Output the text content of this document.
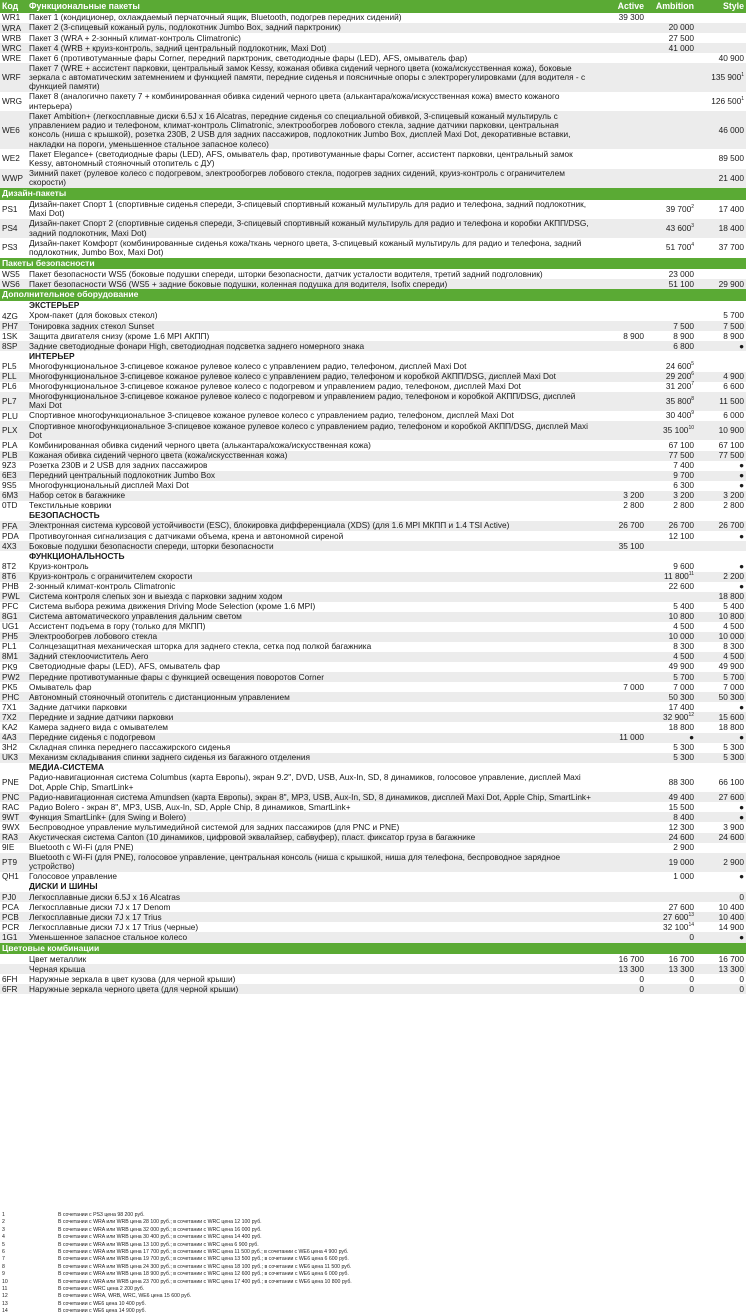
Код	Функциональные пакеты	Active	Ambition	Style
WR1	Пакет 1 (кондиционер, охлаждаемый перчаточный ящик, Bluetooth, подогрев передних сидений)	39 300		
WRA	Пакет 2 (3-спицевый кожаный руль, подлокотник Jumbo Box, задний парктроник)		20 000	
WRB	Пакет 3 (WRA + 2-зонный климат-контроль Climatronic)		27 500	
WRC	Пакет 4 (WRB + круиз-контроль, задний центральный подлокотник, Maxi Dot)		41 000	
WRE	Пакет 6 (противотуманные фары Corner, передний парктроник, светодиодные фары (LED), AFS, омыватель фар)			40 900
WRF	Пакет 7 (WRE + ассистент парковки, центральный замок Kessy, кожаная обивка сидений черного цвета (кожа/искусственная кожа), боковые зеркала с автоматическим затемнением и функцией памяти, передние сиденья и поясничные опоры с электрорегулировками (для водителя - с функцией памяти)			135 $900^1$
WRG	Пакет 8 (аналогично пакету 7 + комбинированная обивка сидений черного цвета (алькантара/кожа/искусственная кожа) вместо кожаного интерьера)			126 $500^1$
WE6	Пакет Ambition+ (легкосплавные диски 6.5J x 16 Alcatras, передние сиденья со специальной обивкой, 3-спицевый кожаный мультируль с управлением радио и телефоном, климат-контроль Climatronic, электрообогрев лобового стекла, задние датчики парковки, центральная консоль (ниша с крышкой), розетка 230В, 2 USB для задних пассажиров, подлокотник Jumbo Box, дисплей Maxi Dot, декоративные вставки, накладки на пороги, уменьшенное стальное запасное колесо)			46 000
WE2	Пакет Elegance+ (светодиодные фары (LED), AFS, омыватель фар, противотуманные фары Corner, ассистент парковки, центральный замок Kessy, автономный стояночный отопитель с ДУ)			89 500
WWP	Зимний пакет (рулевое колесо с подогревом, электрообогрев лобового стекла, подогрев задних сидений, круиз-контроль с ограничителем скорости)			21 400
Дизайн-пакеты				
PS1	Дизайн-пакет Спорт 1 (спортивные сиденья спереди, 3-спицевый спортивный кожаный мультируль для радио и телефона, задний подлокотник, Maxi Dot)		39 $700^2$	17 400
PS4	Дизайн-пакет Спорт 2 (спортивные сиденья спереди, 3-спицевый спортивный кожаный мультируль для радио и телефона и коробки АКПП/DSG, задний подлокотник, Maxi Dot)		43 $600^3$	18 400
PS3	Дизайн-пакет Комфорт (комбинированные сиденья кожа/ткань черного цвета, 3-спицевый кожаный мультируль для радио и телефона, задний подлокотник, Jumbo Box, Maxi Dot)		51 $700^4$	37 700
Пакеты безопасности				
WS5	Пакет безопасности WS5 (боковые подушки спереди, шторки безопасности, датчик усталости водителя, третий задний подголовник)		23 000	
WS6	Пакет безопасности WS6 (WS5 + задние боковые подушки, коленная подушка для водителя, Isofix спереди)		51 100	29 900
Дополнительное оборудование				
	ЭКСТЕРЬЕР			
4ZG	Хром-пакет (для боковых стекол)			5 700
PH7	Тонировка задних стекол Sunset		7 500	7 500
1SK	Защита двигателя снизу (кроме 1.6 MPI АКПП)	8 900	8 900	8 900
8SP	Задние светодиодные фонари High, светодиодная подсветка заднего номерного знака		6 800	●
	ИНТЕРЬЕР			
PL5	Многофункциональное 3-спицевое кожаное рулевое колесо с управлением радио, телефоном, дисплей Maxi Dot		24 $600^5$	
PLL	Многофункциональное 3-спицевое кожаное рулевое колесо с управлением радио, телефоном и коробкой АКПП/DSG, дисплей Maxi Dot		29 $200^6$	4 900
PL6	Многофункциональное 3-спицевое кожаное рулевое колесо с подогревом и управлением радио, телефоном, дисплей Maxi Dot		31 $200^7$	6 600
PL7	Многофункциональное 3-спицевое кожаное рулевое колесо с подогревом и управлением радио, телефоном и коробкой АКПП/DSG, дисплей Maxi Dot		35 $800^8$	11 500
PLU	Спортивное многофункциональное 3-спицевое кожаное рулевое колесо с управлением радио, телефоном, дисплей Maxi Dot		30 $400^9$	6 000
PLX	Спортивное многофункциональное 3-спицевое кожаное рулевое колесо с управлением радио, телефоном и коробкой АКПП/DSG, дисплей Maxi Dot		35 $100^{10}$	10 900
PLA	Комбинированная обивка сидений черного цвета (алькантара/кожа/искусственная кожа)		67 100	67 100
PLB	Кожаная обивка сидений черного цвета (кожа/искусственная кожа)		77 500	77 500
9Z3	Розетка 230В и 2 USB для задних пассажиров		7 400	●
6E3	Передний центральный подлокотник Jumbo Box		9 700	●
9S5	Многофункциональный дисплей Maxi Dot		6 300	●
6M3	Набор сеток в багажнике	3 200	3 200	3 200
0TD	Текстильные коврики	2 800	2 800	2 800
	БЕЗОПАСНОСТЬ			
PFA	Электронная система курсовой устойчивости (ESC), блокировка дифференциала (XDS) (для 1.6 MPI МКПП и 1.4 TSI Active)	26 700	26 700	26 700
PDA	Противоугонная сигнализация с датчиками объема, крена и автономной сиреной		12 100	●
4X3	Боковые подушки безопасности спереди, шторки безопасности	35 100		
	ФУНКЦИОНАЛЬНОСТЬ			
8T2	Круиз-контроль		9 600	●
8T6	Круиз-контроль с ограничителем скорости		11 $800^{11}$	2 200
PHB	2-зонный климат-контроль Climatronic		22 600	●
PWL	Система контроля слепых зон и выезда с парковки задним ходом			18 800
PFC	Система выбора режима движения Driving Mode Selection (кроме 1.6 MPI)		5 400	5 400
8G1	Система автоматического управления дальним светом		10 800	10 800
UG1	Ассистент подъема в гору (только для МКПП)		4 500	4 500
PH5	Электрообогрев лобового стекла		10 000	10 000
PL1	Солнцезащитная механическая шторка для заднего стекла, сетка под полкой багажника		8 300	8 300
8M1	Задний стеклоочиститель Aero		4 500	4 500
PK9	Светодиодные фары (LED), AFS, омыватель фар		49 900	49 900
PW2	Передние противотуманные фары с функцией освещения поворотов Corner		5 700	5 700
PK5	Омыватель фар	7 000	7 000	7 000
PHC	Автономный стояночный отопитель с дистанционным управлением		50 300	50 300
7X1	Задние датчики парковки		17 400	●
7X2	Передние и задние датчики парковки		32 $900^{12}$	15 600
KA2	Камера заднего вида с омывателем		18 800	18 800
4A3	Передние сиденья с подогревом	11 000	●	●
3H2	Складная спинка переднего пассажирского сиденья		5 300	5 300
UK3	Механизм складывания спинки заднего сиденья из багажного отделения		5 300	5 300
	МЕДИА-СИСТЕМА			
PNE	Радио-навигационная система Columbus (карта Европы), экран 9.2", DVD, USB, Aux-In, SD, 8 динамиков, голосовое управление, дисплей Maxi Dot, Apple Chip, SmartLink+		88 300	66 100
PNC	Радио-навигационная система Amundsen (карта Европы), экран 8", MP3, USB, Aux-In, SD, 8 динамиков, дисплей Maxi Dot, Apple Chip, SmartLink+		49 400	27 600
RAC	Радио Bolero - экран 8", MP3, USB, Aux-In, SD, Apple Chip, 8 динамиков, SmartLink+		15 500	●
9WT	Функция SmartLink+ (для Swing и Bolero)		8 400	●
9WX	Беспроводное управление мультимедийной системой для задних пассажиров (для PNC и PNE)		12 300	3 900
RA3	Акустическая система Canton (10 динамиков, цифровой эквалайзер, сабвуфер), пласт. фиксатор груза в багажнике		24 600	24 600
9IE	Bluetooth с Wi-Fi (для PNE)		2 900	
PT9	Bluetooth с Wi-Fi (для PNE), голосовое управление, центральная консоль (ниша с крышкой, ниша для телефона, беспроводное зарядное устройство)		19 000	2 900
QH1	Голосовое управление		1 000	●
	ДИСКИ И ШИНЫ			
PJ0	Легкосплавные диски 6.5J x 16 Alcatras			0
PCA	Легкосплавные диски 7J x 17 Denom		27 600	10 400
PCB	Легкосплавные диски 7J x 17 Trius		27 $600^{13}$	10 400
PCR	Легкосплавные диски 7J x 17 Trius (черные)		32 $100^{14}$	14 900
1G1	Уменьшенное запасное стальное колесо		0	●
Цветовые комбинации				
	Цвет металлик	16 700	16 700	16 700
	Черная крыша	13 300	13 300	13 300
6FH	Наружные зеркала в цвет кузова (для черной крыши)	0	0	0
6FR	Наружные зеркала черного цвета (для черной крыши)	0	0	0
1	В сочетании с PS3 цена 98 200 руб.
2	В сочетании с WRA или WRB цена 28 100 руб.; в сочетании с WRC цена 12 100 руб.
3	В сочетании с WRA или WRB цена 32 000 руб.; в сочетании с WRC цена 16 000 руб.
4	В сочетании с WRA или WRB цена 30 400 руб.; в сочетании с WRC цена 14 400 руб.
5	В сочетании с WRA или WRB цена 13 100 руб.; в сочетании с WRC цена 6 900 руб.
6	В сочетании с WRA или WRB цена 17 700 руб.; в сочетании с WRC цена 11 500 руб.; в сочетании с WE6 цена 4 900 руб.
7	В сочетании с WRA или WRB цена 19 700 руб.; в сочетании с WRC цена 13 500 руб.; в сочетании с WE6 цена 6 600 руб.
8	В сочетании с WRA или WRB цена 24 300 руб.; в сочетании с WRC цена 18 100 руб.; в сочетании с WE6 цена 11 500 руб.
9	В сочетании с WRA или WRB цена 18 900 руб.; в сочетании с WRC цена 12 600 руб.; в сочетании с WE6 цена 6 000 руб.
10	В сочетании с WRA или WRB цена 23 700 руб.; в сочетании с WRC цена 17 400 руб.; в сочетании с WE6 цена 10 800 руб.
11	В сочетании с WRC цена 2 200 руб.
12	В сочетании с WRA, WRB, WRC, WE6 цена 15 600 руб.
13	В сочетании с WE6 цена 10 400 руб.
14	В сочетании с WE6 цена 14 900 руб.
